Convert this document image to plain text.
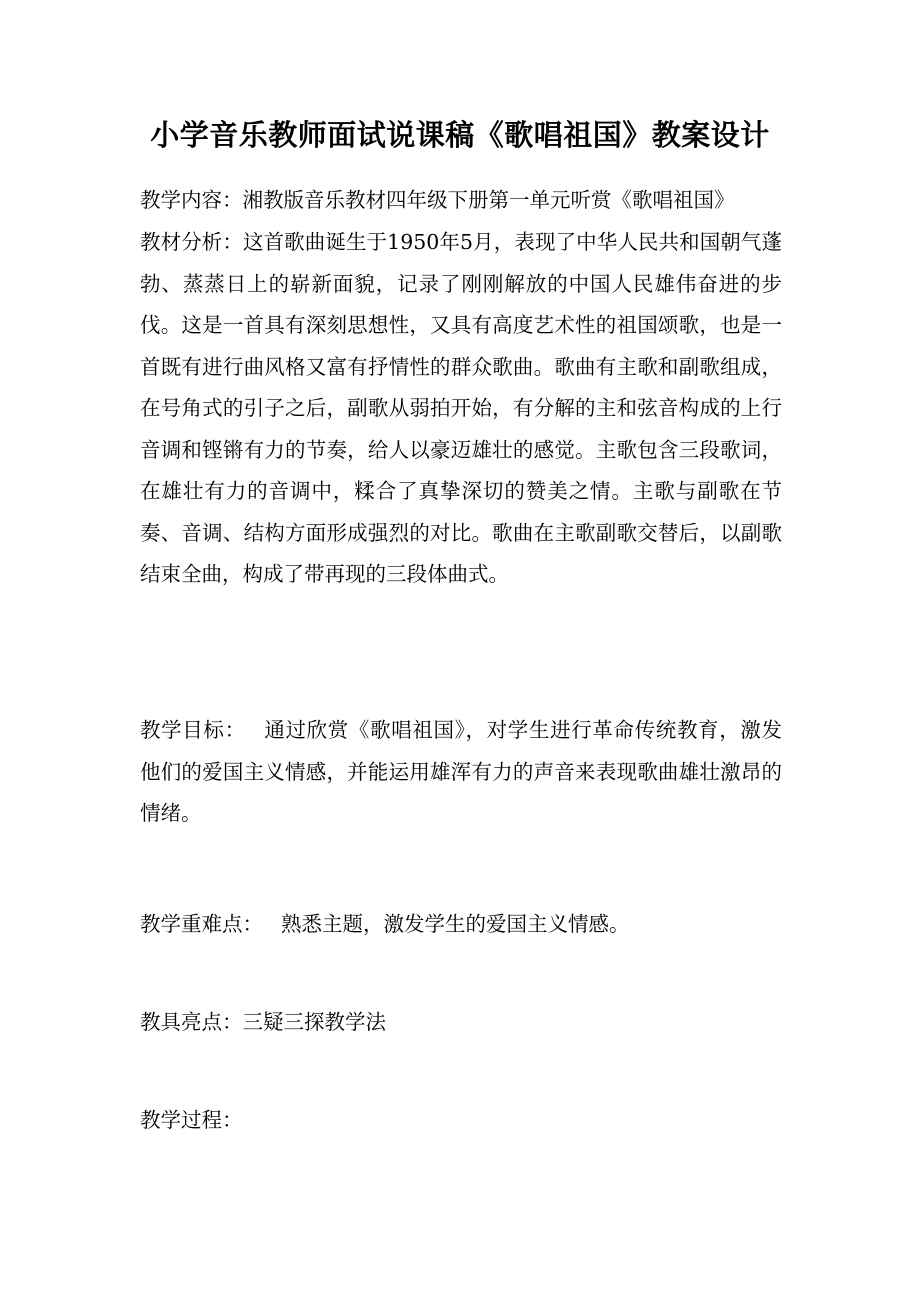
小学音乐教师面试说课稿《歌唱祖国》教案设计
教学内容：湘教版音乐教材四年级下册第一单元听赏《歌唱祖国》
教材分析：这首歌曲诞生于1950年5月，表现了中华人民共和国朝气蓬勃、蒸蒸日上的崭新面貌，记录了刚刚解放的中国人民雄伟奋进的步伐。这是一首具有深刻思想性，又具有高度艺术性的祖国颂歌，也是一首既有进行曲风格又富有抒情性的群众歌曲。歌曲有主歌和副歌组成，在号角式的引子之后，副歌从弱拍开始，有分解的主和弦音构成的上行音调和铿锵有力的节奏，给人以豪迈雄壮的感觉。主歌包含三段歌词，在雄壮有力的音调中，糅合了真挚深切的赞美之情。主歌与副歌在节奏、音调、结构方面形成强烈的对比。歌曲在主歌副歌交替后，以副歌结束全曲，构成了带再现的三段体曲式。
教学目标： 通过欣赏《歌唱祖国》，对学生进行革命传统教育，激发他们的爱国主义情感，并能运用雄浑有力的声音来表现歌曲雄壮激昂的情绪。
教学重难点： 熟悉主题，激发学生的爱国主义情感。
教具亮点：三疑三探教学法
教学过程：
